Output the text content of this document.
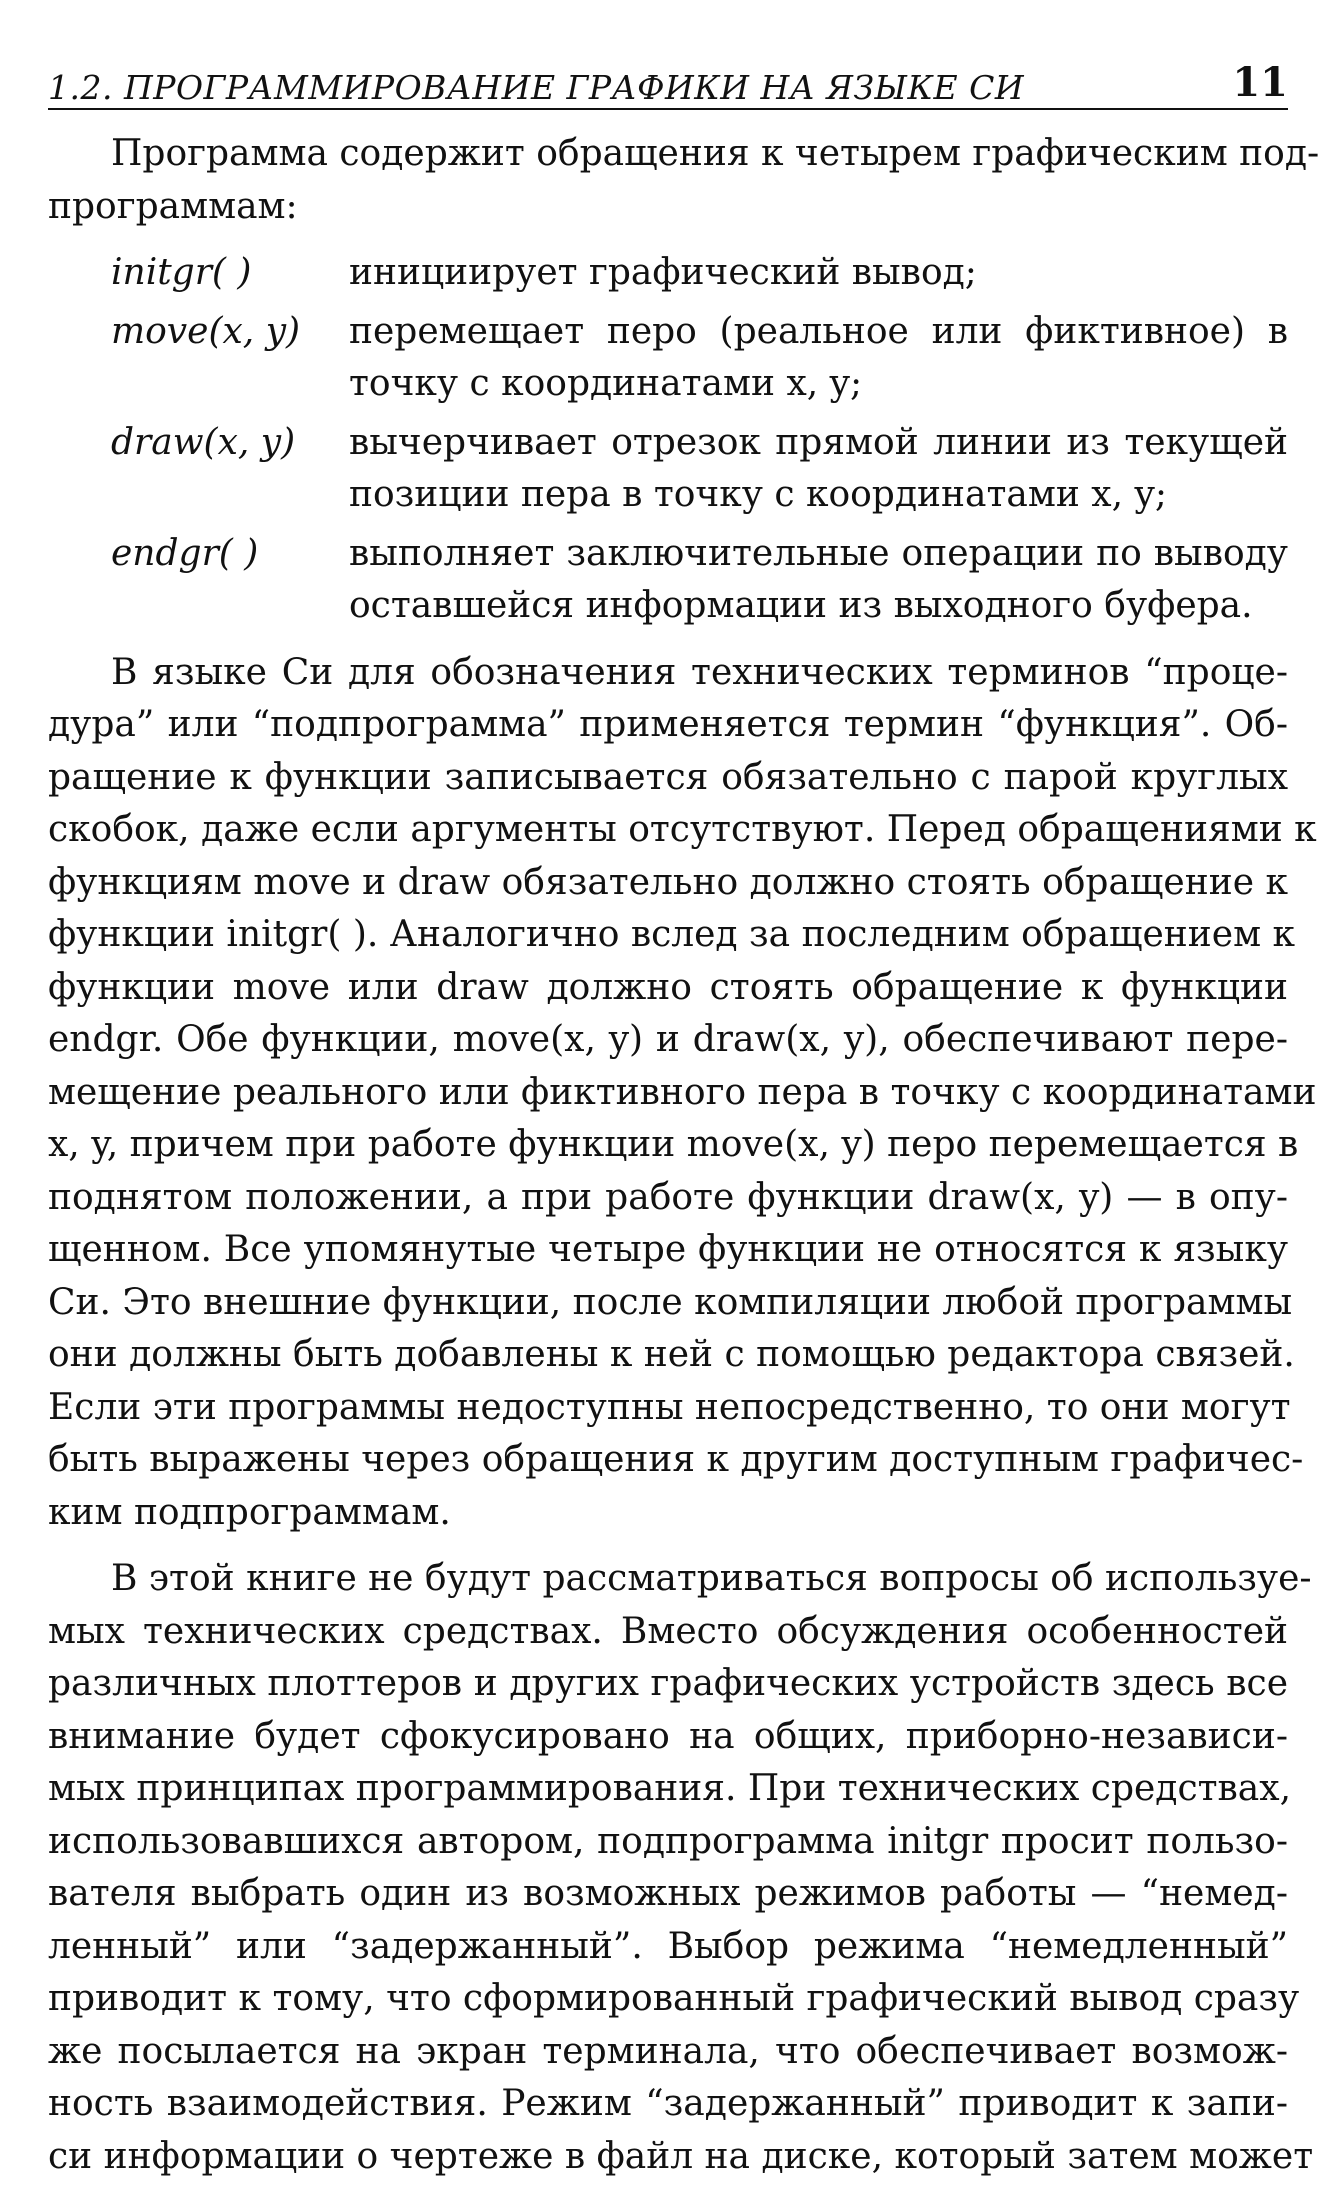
1.2. ПРОГРАММИРОВАНИЕ ГРАФИКИ НА ЯЗЫКЕ СИ	11

Программа содержит обращения к четырем графическим под-
программам:

initgr( )	инициирует графический вывод;
move(x, y)	перемещает перо (реальное или фиктивное) в
точку с координатами x, y;
draw(x, y)	вычерчивает отрезок прямой линии из текущей
позиции пера в точку с координатами x, y;
endgr( )	выполняет заключительные операции по выводу
оставшейся информации из выходного буфера.

В языке Си для обозначения технических терминов “проце-
дура” или “подпрограмма” применяется термин “функция”. Об-
ращение к функции записывается обязательно с парой круглых
скобок, даже если аргументы отсутствуют. Перед обращениями к
функциям move и draw обязательно должно стоять обращение к
функции initgr( ). Аналогично вслед за последним обращением к
функции move или draw должно стоять обращение к функции
endgr. Обе функции, move(x, y) и draw(x, y), обеспечивают пере-
мещение реального или фиктивного пера в точку с координатами
x, y, причем при работе функции move(x, y) перо перемещается в
поднятом положении, а при работе функции draw(x, y) — в опу-
щенном. Все упомянутые четыре функции не относятся к языку
Си. Это внешние функции, после компиляции любой программы
они должны быть добавлены к ней с помощью редактора связей.
Если эти программы недоступны непосредственно, то они могут
быть выражены через обращения к другим доступным графичес-
ким подпрограммам.

В этой книге не будут рассматриваться вопросы об используе-
мых технических средствах. Вместо обсуждения особенностей
различных плоттеров и других графических устройств здесь все
внимание будет сфокусировано на общих, приборно-независи-
мых принципах программирования. При технических средствах,
использовавшихся автором, подпрограмма initgr просит пользо-
вателя выбрать один из возможных режимов работы — “немед-
ленный” или “задержанный”. Выбор режима “немедленный”
приводит к тому, что сформированный графический вывод сразу
же посылается на экран терминала, что обеспечивает возмож-
ность взаимодействия. Режим “задержанный” приводит к запи-
си информации о чертеже в файл на диске, который затем может
